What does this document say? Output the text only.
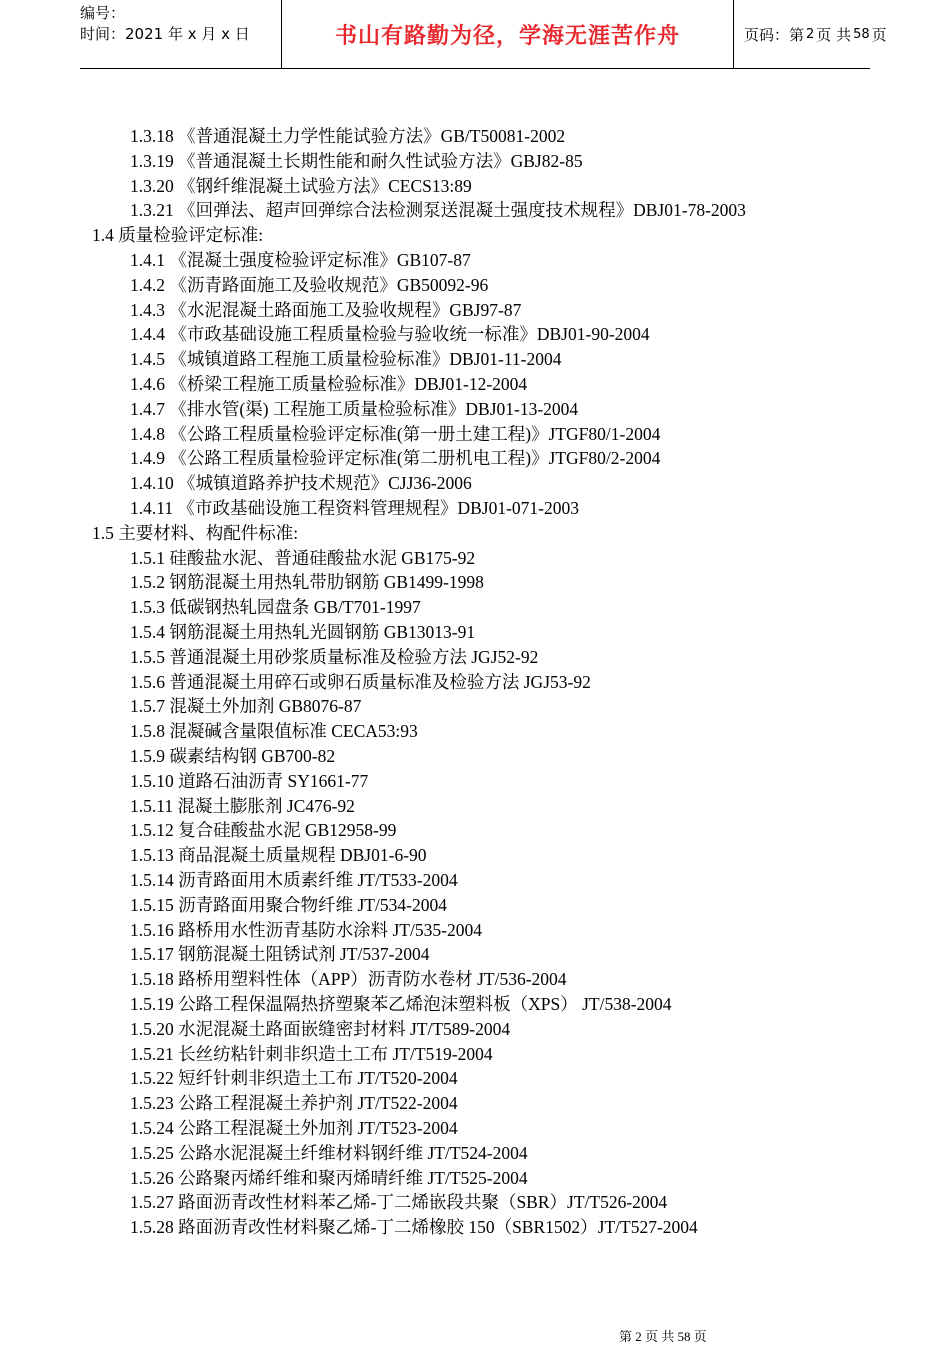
编号：
时间：2021 年 x 月 x 日	书山有路勤为径，学海无涯苦作舟	页码：第 2 页 共 58 页
1.3.18 《普通混凝土力学性能试验方法》GB/T50081-2002
1.3.19 《普通混凝土长期性能和耐久性试验方法》GBJ82-85
1.3.20 《钢纤维混凝土试验方法》CECS13:89
1.3.21 《回弹法、超声回弹综合法检测泵送混凝土强度技术规程》DBJ01-78-2003
1.4 质量检验评定标准:
1.4.1 《混凝土强度检验评定标准》GB107-87
1.4.2 《沥青路面施工及验收规范》GB50092-96
1.4.3 《水泥混凝土路面施工及验收规程》GBJ97-87
1.4.4 《市政基础设施工程质量检验与验收统一标准》DBJ01-90-2004
1.4.5 《城镇道路工程施工质量检验标准》DBJ01-11-2004
1.4.6 《桥梁工程施工质量检验标准》DBJ01-12-2004
1.4.7 《排水管(渠) 工程施工质量检验标准》DBJ01-13-2004
1.4.8 《公路工程质量检验评定标准(第一册土建工程)》JTGF80/1-2004
1.4.9 《公路工程质量检验评定标准(第二册机电工程)》JTGF80/2-2004
1.4.10 《城镇道路养护技术规范》CJJ36-2006
1.4.11 《市政基础设施工程资料管理规程》DBJ01-071-2003
1.5 主要材料、构配件标准:
1.5.1 硅酸盐水泥、普通硅酸盐水泥 GB175-92
1.5.2 钢筋混凝土用热轧带肋钢筋 GB1499-1998
1.5.3 低碳钢热轧园盘条 GB/T701-1997
1.5.4 钢筋混凝土用热轧光圆钢筋 GB13013-91
1.5.5 普通混凝土用砂浆质量标准及检验方法 JGJ52-92
1.5.6 普通混凝土用碎石或卵石质量标准及检验方法 JGJ53-92
1.5.7 混凝土外加剂 GB8076-87
1.5.8 混凝碱含量限值标准 CECA53:93
1.5.9 碳素结构钢 GB700-82
1.5.10 道路石油沥青 SY1661-77
1.5.11 混凝土膨胀剂 JC476-92
1.5.12 复合硅酸盐水泥 GB12958-99
1.5.13 商品混凝土质量规程 DBJ01-6-90
1.5.14 沥青路面用木质素纤维 JT/T533-2004
1.5.15 沥青路面用聚合物纤维 JT/534-2004
1.5.16 路桥用水性沥青基防水涂料 JT/535-2004
1.5.17 钢筋混凝土阻锈试剂 JT/537-2004
1.5.18 路桥用塑料性体（APP）沥青防水卷材 JT/536-2004
1.5.19 公路工程保温隔热挤塑聚苯乙烯泡沫塑料板（XPS） JT/538-2004
1.5.20 水泥混凝土路面嵌缝密封材料 JT/T589-2004
1.5.21 长丝纺粘针刺非织造土工布 JT/T519-2004
1.5.22 短纤针刺非织造土工布 JT/T520-2004
1.5.23 公路工程混凝土养护剂 JT/T522-2004
1.5.24 公路工程混凝土外加剂 JT/T523-2004
1.5.25 公路水泥混凝土纤维材料钢纤维 JT/T524-2004
1.5.26 公路聚丙烯纤维和聚丙烯晴纤维 JT/T525-2004
1.5.27 路面沥青改性材料苯乙烯-丁二烯嵌段共聚（SBR）JT/T526-2004
1.5.28 路面沥青改性材料聚乙烯-丁二烯橡胶 150（SBR1502）JT/T527-2004
第 2 页 共 58 页
